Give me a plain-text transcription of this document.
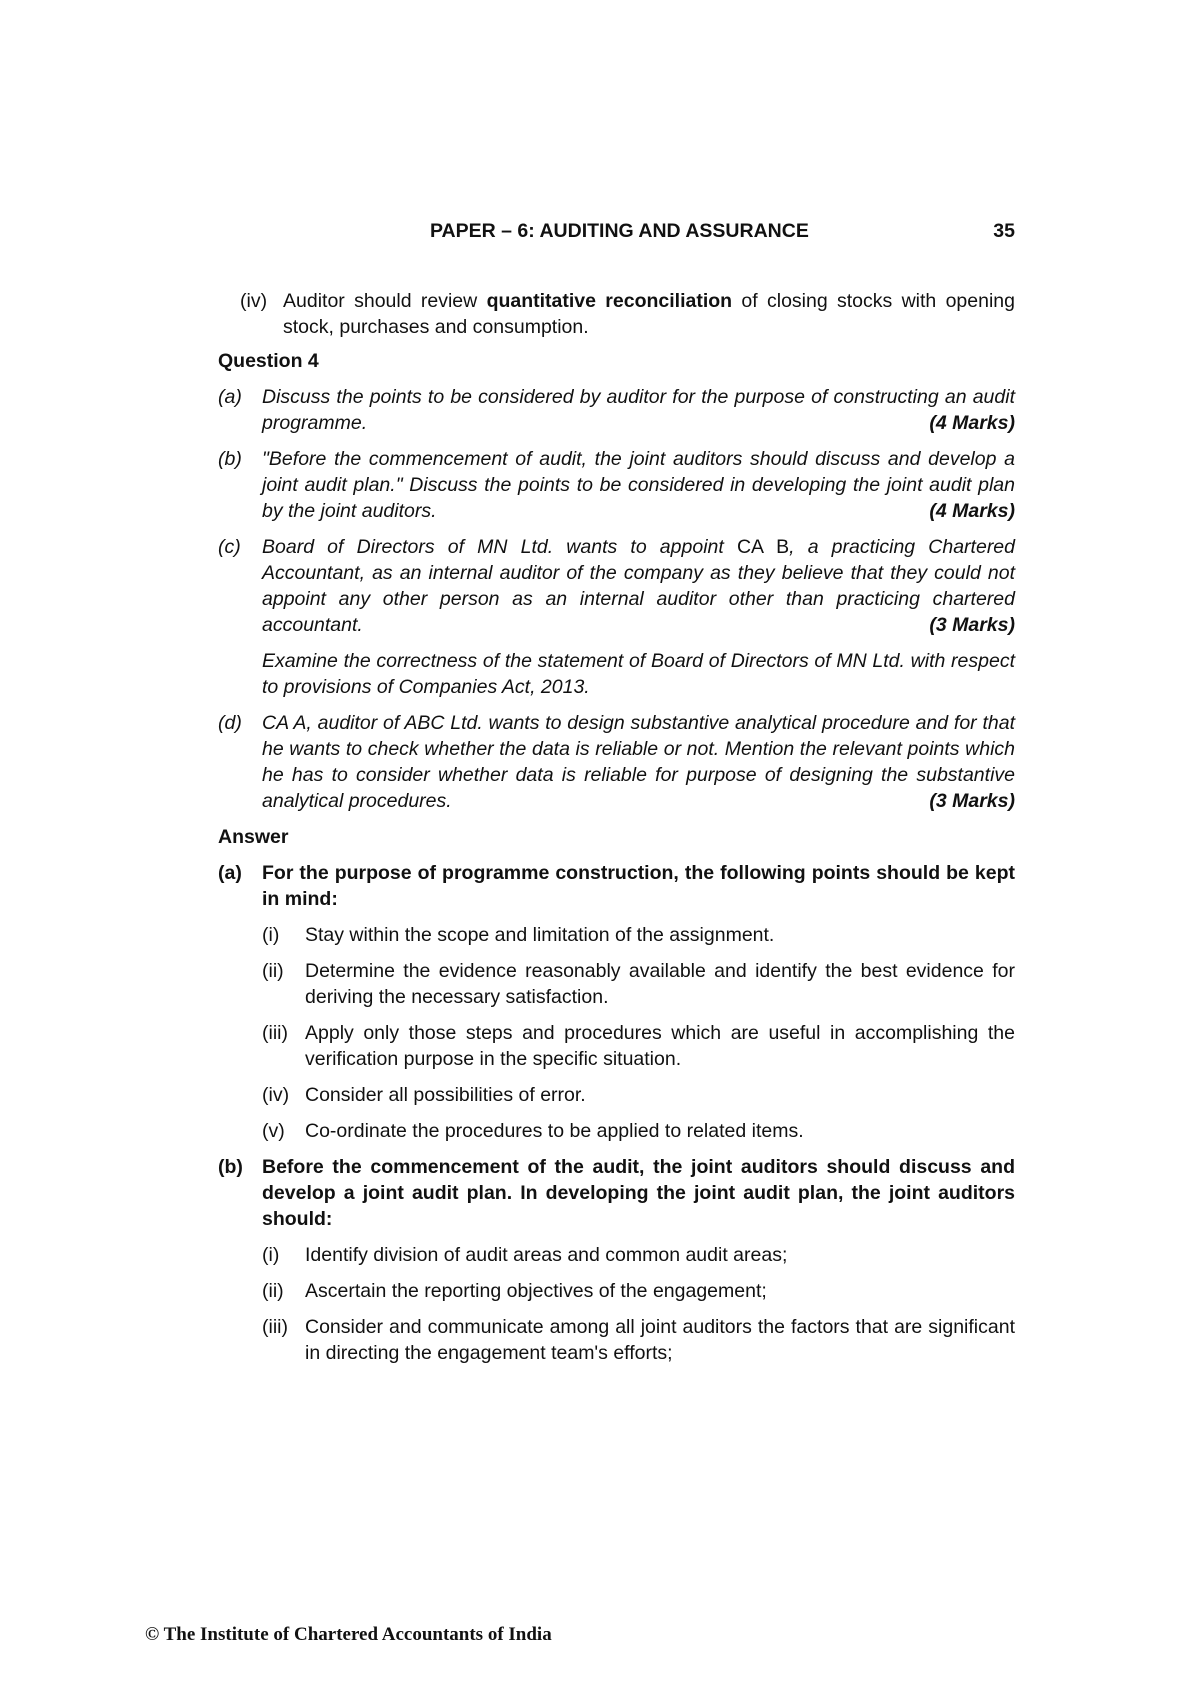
PAPER – 6: AUDITING AND ASSURANCE	35
(iv) Auditor should review quantitative reconciliation of closing stocks with opening stock, purchases and consumption.
Question 4
(a)	Discuss the points to be considered by auditor for the purpose of constructing an audit programme.	(4 Marks)
(b)	"Before the commencement of audit, the joint auditors should discuss and develop a joint audit plan." Discuss the points to be considered in developing the joint audit plan by the joint auditors.	(4 Marks)
(c)	Board of Directors of MN Ltd. wants to appoint CA B, a practicing Chartered Accountant, as an internal auditor of the company as they believe that they could not appoint any other person as an internal auditor other than practicing chartered accountant.	(3 Marks)
Examine the correctness of the statement of Board of Directors of MN Ltd. with respect to provisions of Companies Act, 2013.
(d)	CA A, auditor of ABC Ltd. wants to design substantive analytical procedure and for that he wants to check whether the data is reliable or not. Mention the relevant points which he has to consider whether data is reliable for purpose of designing the substantive analytical procedures.	(3 Marks)
Answer
(a)	For the purpose of programme construction, the following points should be kept in mind:
(i)	Stay within the scope and limitation of the assignment.
(ii)	Determine the evidence reasonably available and identify the best evidence for deriving the necessary satisfaction.
(iii) Apply only those steps and procedures which are useful in accomplishing the verification purpose in the specific situation.
(iv) Consider all possibilities of error.
(v)	Co-ordinate the procedures to be applied to related items.
(b) Before the commencement of the audit, the joint auditors should discuss and develop a joint audit plan. In developing the joint audit plan, the joint auditors should:
(i)	Identify division of audit areas and common audit areas;
(ii)	Ascertain the reporting objectives of the engagement;
(iii) Consider and communicate among all joint auditors the factors that are significant in directing the engagement team's efforts;
© The Institute of Chartered Accountants of India
